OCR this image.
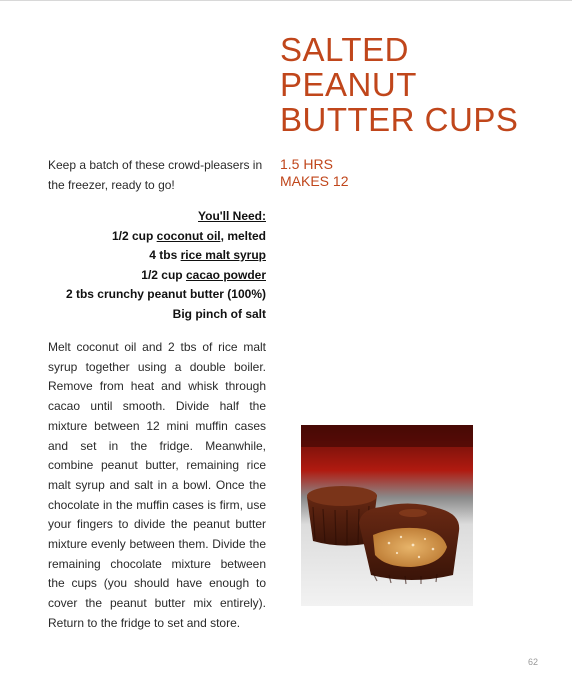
SALTED
PEANUT
BUTTER CUPS
1.5 HRS
MAKES 12

Keep a batch of these crowd-pleasers in the freezer, ready to go!

You'll Need:
1/2 cup coconut oil, melted
4 tbs rice malt syrup
1/2 cup cacao powder
2 tbs crunchy peanut butter (100%)
Big pinch of salt

Melt coconut oil and 2 tbs of rice malt syrup together using a double boiler. Remove from heat and whisk through cacao until smooth. Divide half the mixture between 12 mini muffin cases and set in the fridge. Meanwhile, combine peanut butter, remaining rice malt syrup and salt in a bowl. Once the chocolate in the muffin cases is firm, use your fingers to divide the peanut butter mixture evenly between them. Divide the remaining chocolate mixture between the cups (you should have enough to cover the peanut butter mix entirely). Return to the fridge to set and store.

62
